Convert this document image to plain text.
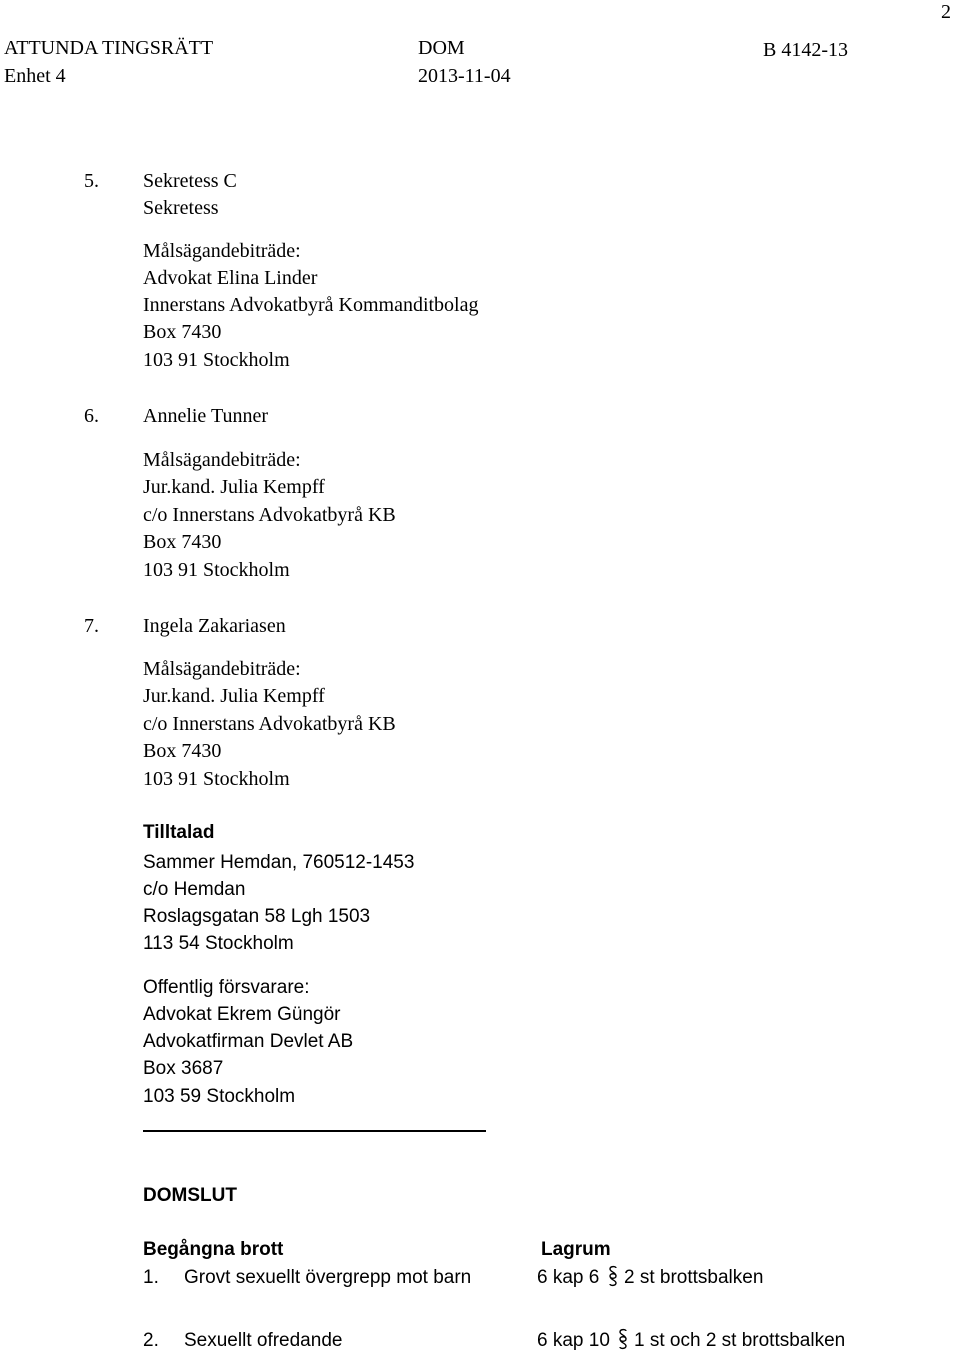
2
ATTUNDA TINGSRÄTT
Enhet 4
DOM
2013-11-04
B 4142-13
5. Sekretess C
Sekretess
Målsägandebiträde:
Advokat Elina Linder
Innerstans Advokatbyrå Kommanditbolag
Box 7430
103 91 Stockholm
6. Annelie Tunner
Målsägandebiträde:
Jur.kand. Julia Kempff
c/o Innerstans Advokatbyrå KB
Box 7430
103 91 Stockholm
7. Ingela Zakariasen
Målsägandebiträde:
Jur.kand. Julia Kempff
c/o Innerstans Advokatbyrå KB
Box 7430
103 91 Stockholm
Tilltalad
Sammer Hemdan, 760512-1453
c/o Hemdan
Roslagsgatan 58 Lgh 1503
113 54 Stockholm
Offentlig försvarare:
Advokat Ekrem Güngör
Advokatfirman Devlet AB
Box 3687
103 59 Stockholm
DOMSLUT
Begångna brott	Lagrum
1. Grovt sexuellt övergrepp mot barn	6 kap 6 2 st brottsbalken
2. Sexuellt ofredande	6 kap 10 1 st och 2 st brottsbalken
